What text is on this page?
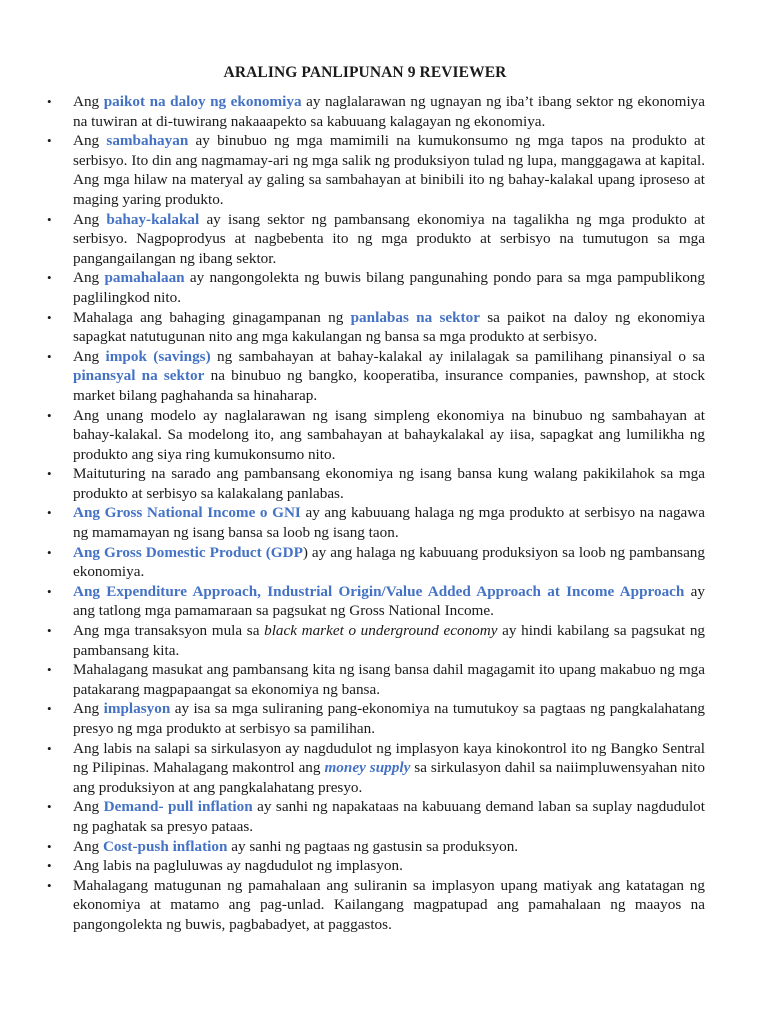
ARALING PANLIPUNAN 9 REVIEWER
• Ang paikot na daloy ng ekonomiya ay naglalarawan ng ugnayan ng iba’t ibang sektor ng ekonomiya na tuwiran at di-tuwirang nakaaapekto sa kabuuang kalagayan ng ekonomiya.
• Ang sambahayan ay binubuo ng mga mamimili na kumukonsumo ng mga tapos na produkto at serbisyo. Ito din ang nagmamay-ari ng mga salik ng produksiyon tulad ng lupa, manggagawa at kapital. Ang mga hilaw na materyal ay galing sa sambahayan at binibili ito ng bahay-kalakal upang iproseso at maging yaring produkto.
• Ang bahay-kalakal ay isang sektor ng pambansang ekonomiya na tagalikha ng mga produkto at serbisyo. Nagpoprodyus at nagbebenta ito ng mga produkto at serbisyo na tumutugon sa mga pangangailangan ng ibang sektor.
• Ang pamahalaan ay nangongolekta ng buwis bilang pangunahing pondo para sa mga pampublikong paglilingkod nito.
• Mahalaga ang bahaging ginagampanan ng panlabas na sektor sa paikot na daloy ng ekonomiya sapagkat natutugunan nito ang mga kakulangan ng bansa sa mga produkto at serbisyo.
• Ang impok (savings) ng sambahayan at bahay-kalakal ay inilalagak sa pamilihang pinansiyal o sa pinansyal na sektor na binubuo ng bangko, kooperatiba, insurance companies, pawnshop, at stock market bilang paghahanda sa hinaharap.
• Ang unang modelo ay naglalarawan ng isang simpleng ekonomiya na binubuo ng sambahayan at bahay-kalakal. Sa modelong ito, ang sambahayan at bahaykalakal ay iisa, sapagkat ang lumilikha ng produkto ang siya ring kumukonsumo nito.
• Maituturing na sarado ang pambansang ekonomiya ng isang bansa kung walang pakikilahok sa mga produkto at serbisyo sa kalakalang panlabas.
• Ang Gross National Income o GNI ay ang kabuuang halaga ng mga produkto at serbisyo na nagawa ng mamamayan ng isang bansa sa loob ng isang taon.
• Ang Gross Domestic Product (GDP) ay ang halaga ng kabuuang produksiyon sa loob ng pambansang ekonomiya.
• Ang Expenditure Approach, Industrial Origin/Value Added Approach at Income Approach ay ang tatlong mga pamamaraan sa pagsukat ng Gross National Income.
• Ang mga transaksyon mula sa black market o underground economy ay hindi kabilang sa pagsukat ng pambansang kita.
• Mahalagang masukat ang pambansang kita ng isang bansa dahil magagamit ito upang makabuo ng mga patakarang magpapaangat sa ekonomiya ng bansa.
• Ang implasyon ay isa sa mga suliraning pang-ekonomiya na tumutukoy sa pagtaas ng pangkalahatang presyo ng mga produkto at serbisyo sa pamilihan.
• Ang labis na salapi sa sirkulasyon ay nagdudulot ng implasyon kaya kinokontrol ito ng Bangko Sentral ng Pilipinas. Mahalagang makontrol ang money supply sa sirkulasyon dahil sa naiimpluwensyahan nito ang produksiyon at ang pangkalahatang presyo.
• Ang Demand- pull inflation ay sanhi ng napakataas na kabuuang demand laban sa suplay nagdudulot ng paghatak sa presyo pataas.
• Ang Cost-push inflation ay sanhi ng pagtaas ng gastusin sa produksyon.
• Ang labis na pagluluwas ay nagdudulot ng implasyon.
• Mahalagang matugunan ng pamahalaan ang suliranin sa implasyon upang matiyak ang katatagan ng ekonomiya at matamo ang pag-unlad. Kailangang magpatupad ang pamahalaan ng maayos na pangongolekta ng buwis, pagbabadyet, at paggastos.
